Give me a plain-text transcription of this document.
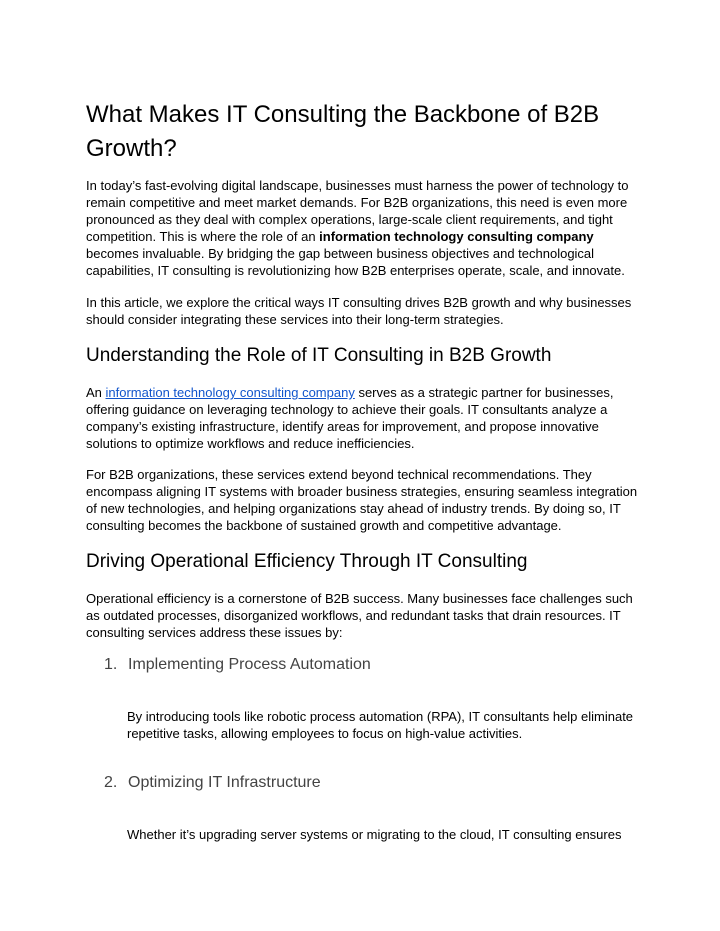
What Makes IT Consulting the Backbone of B2B Growth?

In today’s fast-evolving digital landscape, businesses must harness the power of technology to remain competitive and meet market demands. For B2B organizations, this need is even more pronounced as they deal with complex operations, large-scale client requirements, and tight competition. This is where the role of an information technology consulting company becomes invaluable. By bridging the gap between business objectives and technological capabilities, IT consulting is revolutionizing how B2B enterprises operate, scale, and innovate.

In this article, we explore the critical ways IT consulting drives B2B growth and why businesses should consider integrating these services into their long-term strategies.

Understanding the Role of IT Consulting in B2B Growth

An information technology consulting company serves as a strategic partner for businesses, offering guidance on leveraging technology to achieve their goals. IT consultants analyze a company’s existing infrastructure, identify areas for improvement, and propose innovative solutions to optimize workflows and reduce inefficiencies.

For B2B organizations, these services extend beyond technical recommendations. They encompass aligning IT systems with broader business strategies, ensuring seamless integration of new technologies, and helping organizations stay ahead of industry trends. By doing so, IT consulting becomes the backbone of sustained growth and competitive advantage.

Driving Operational Efficiency Through IT Consulting

Operational efficiency is a cornerstone of B2B success. Many businesses face challenges such as outdated processes, disorganized workflows, and redundant tasks that drain resources. IT consulting services address these issues by:

1. Implementing Process Automation

By introducing tools like robotic process automation (RPA), IT consultants help eliminate repetitive tasks, allowing employees to focus on high-value activities.

2. Optimizing IT Infrastructure

Whether it’s upgrading server systems or migrating to the cloud, IT consulting ensures
